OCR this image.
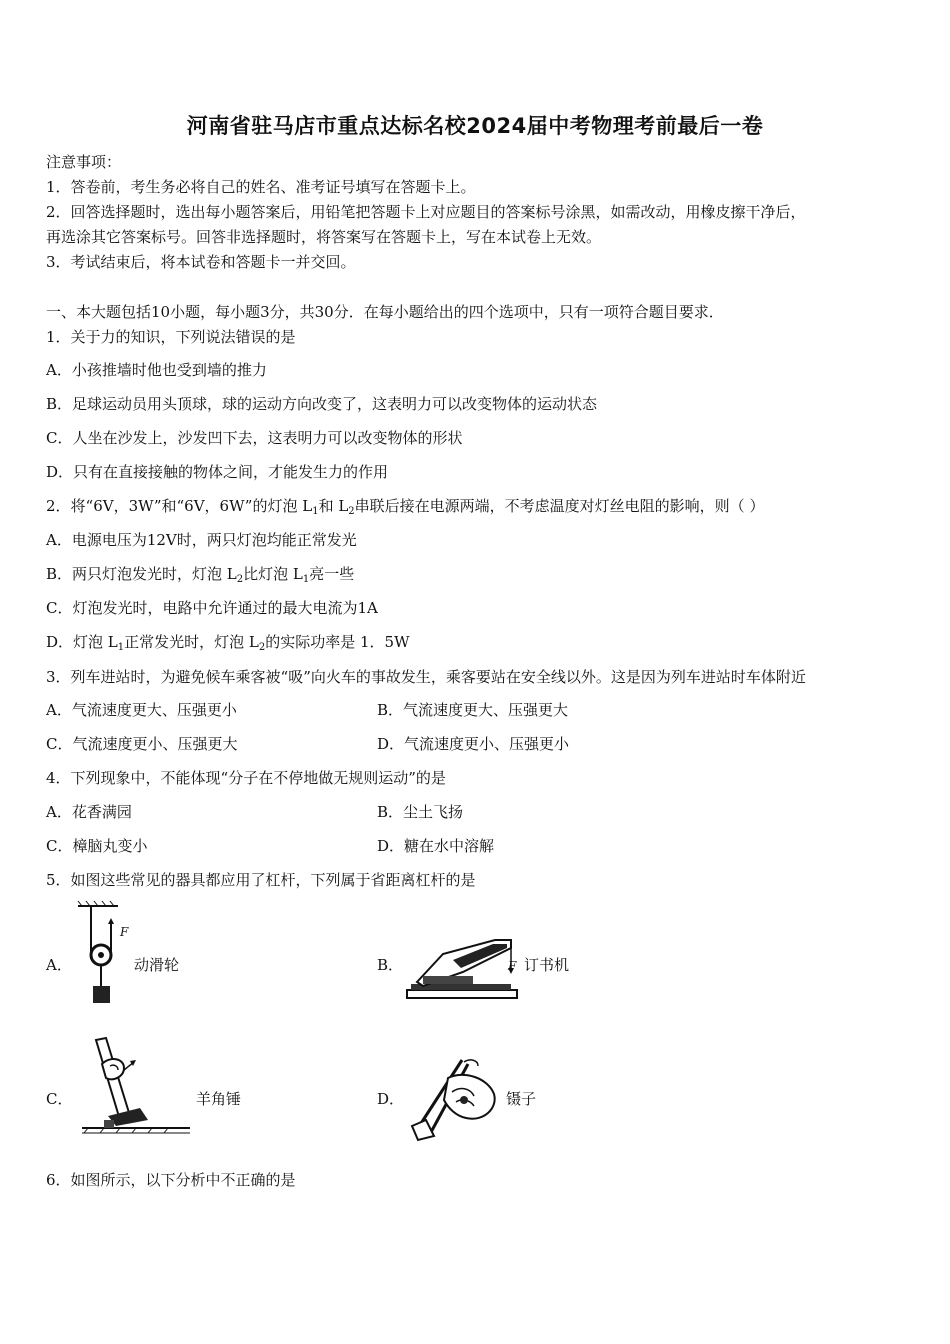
河南省驻马店市重点达标名校2024届中考物理考前最后一卷
注意事项：
1．答卷前，考生务必将自己的姓名、准考证号填写在答题卡上。
2．回答选择题时，选出每小题答案后，用铅笔把答题卡上对应题目的答案标号涂黑，如需改动，用橡皮擦干净后，
再选涂其它答案标号。回答非选择题时，将答案写在答题卡上，写在本试卷上无效。
3．考试结束后，将本试卷和答题卡一并交回。
一、本大题包括10小题，每小题3分，共30分．在每小题给出的四个选项中，只有一项符合题目要求．
1．关于力的知识，下列说法错误的是
A．小孩推墙时他也受到墙的推力
B．足球运动员用头顶球，球的运动方向改变了，这表明力可以改变物体的运动状态
C．人坐在沙发上，沙发凹下去，这表明力可以改变物体的形状
D．只有在直接接触的物体之间，才能发生力的作用
2．将“6V，3W”和“6V，6W”的灯泡 $L_1$和 $L_2$串联后接在电源两端，不考虑温度对灯丝电阻的影响，则（ ）
A．电源电压为12V时，两只灯泡均能正常发光
B．两只灯泡发光时，灯泡 $L_2$比灯泡 $L_1$亮一些
C．灯泡发光时，电路中允许通过的最大电流为1A
D．灯泡 $L_1$正常发光时，灯泡 $L_2$的实际功率是 1．5W
3．列车进站时，为避免候车乘客被“吸”向火车的事故发生，乘客要站在安全线以外。这是因为列车进站时车体附近
A．气流速度更大、压强更小	B．气流速度更大、压强更大
C．气流速度更小、压强更大	D．气流速度更小、压强更小
4．下列现象中，不能体现“分子在不停地做无规则运动”的是
A．花香满园	B．尘土飞扬
C．樟脑丸变小	D．糖在水中溶解
5．如图这些常见的器具都应用了杠杆，下列属于省距离杠杆的是
A．
F
动滑轮	B．	F 订书机
C．	羊角锤	D．	镊子
6．如图所示，以下分析中不正确的是
